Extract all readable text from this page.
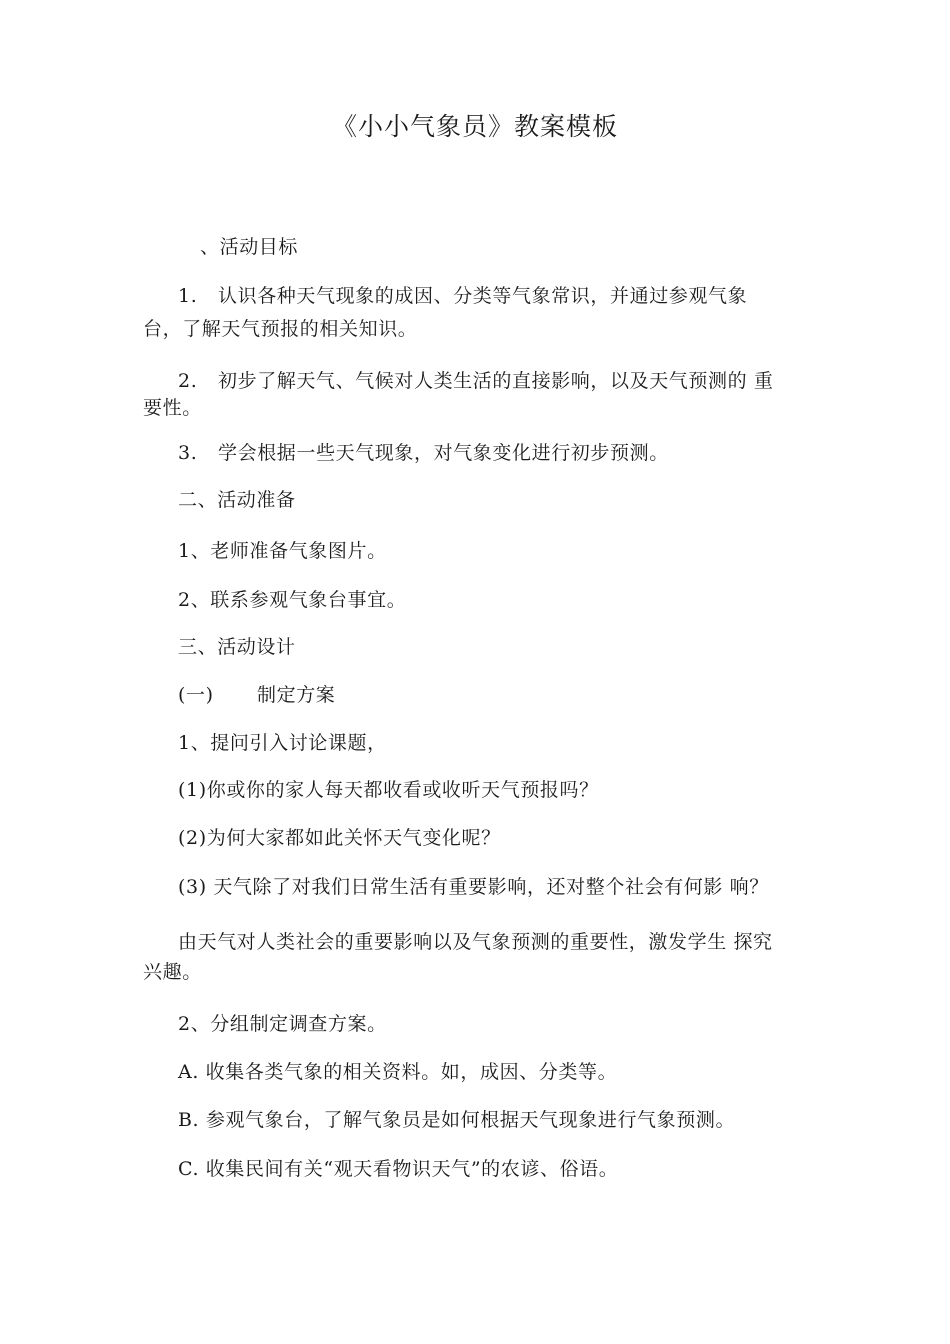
《小小气象员》教案模板
、活动目标
1. 认识各种天气现象的成因、分类等气象常识，并通过参观气象
台，了解天气预报的相关知识。
2. 初步了解天气、气候对人类生活的直接影响，以及天气预测的 重
要性。
3. 学会根据一些天气现象，对气象变化进行初步预测。
二、活动准备
1、老师准备气象图片。
2、联系参观气象台事宜。
三、活动设计
(一) 制定方案
1、提问引入讨论课题，
(1)你或你的家人每天都收看或收听天气预报吗？
(2)为何大家都如此关怀天气变化呢？
(3) 天气除了对我们日常生活有重要影响，还对整个社会有何影 响？
由天气对人类社会的重要影响以及气象预测的重要性，激发学生 探究
兴趣。
2、分组制定调查方案。
A. 收集各类气象的相关资料。如，成因、分类等。
B. 参观气象台，了解气象员是如何根据天气现象进行气象预测。
C. 收集民间有关“观天看物识天气”的农谚、俗语。
